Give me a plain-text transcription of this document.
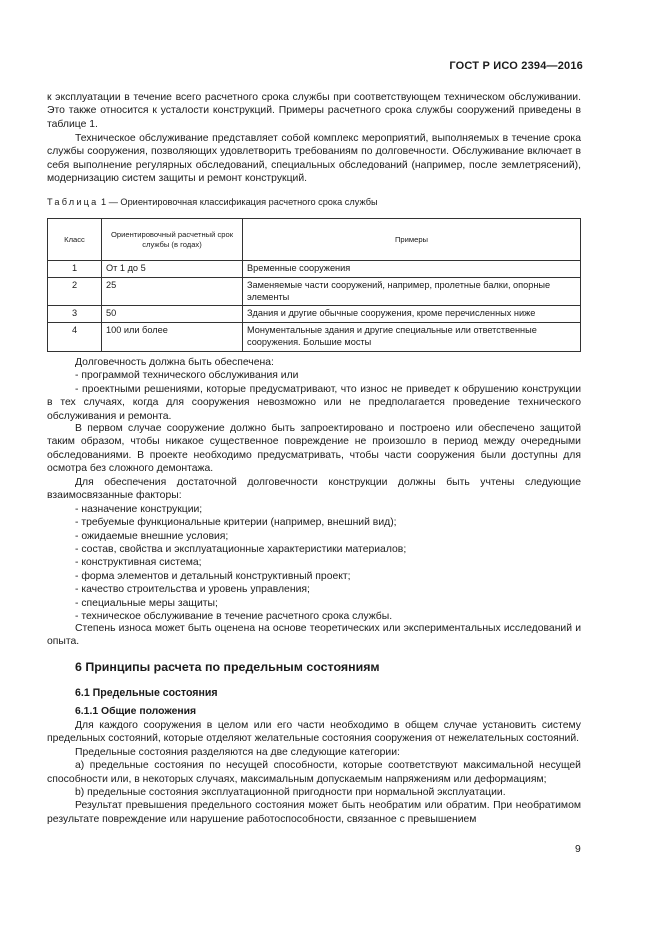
ГОСТ Р ИСО 2394—2016

к эксплуатации в течение всего расчетного срока службы при соответствующем техническом обслуживании. Это также относится к усталости конструкций. Примеры расчетного срока службы сооружений приведены в таблице 1.

Техническое обслуживание представляет собой комплекс мероприятий, выполняемых в течение срока службы сооружения, позволяющих удовлетворить требованиям по долговечности. Обслуживание включает в себя выполнение регулярных обследований, специальных обследований (например, после землетрясений), модернизацию систем защиты и ремонт конструкций.

Таблица 1 — Ориентировочная классификация расчетного срока службы
Класс	Ориентировочный расчетный срок службы (в годах)	Примеры
1	От 1 до 5	Временные сооружения
2	25	Заменяемые части сооружений, например, пролетные балки, опорные элементы
3	50	Здания и другие обычные сооружения, кроме перечисленных ниже
4	100 или более	Монументальные здания и другие специальные или ответственные сооружения. Большие мосты
Долговечность должна быть обеспечена:
- программой технического обслуживания или
- проектными решениями, которые предусматривают, что износ не приведет к обрушению конструкции в тех случаях, когда для сооружения невозможно или не предполагается проведение технического обслуживания и ремонта.

В первом случае сооружение должно быть запроектировано и построено или обеспечено защитой таким образом, чтобы никакое существенное повреждение не произошло в период между очередными обследованиями. В проекте необходимо предусматривать, чтобы части сооружения были доступны для осмотра без сложного демонтажа.

Для обеспечения достаточной долговечности конструкции должны быть учтены следующие взаимосвязанные факторы:
- назначение конструкции;
- требуемые функциональные критерии (например, внешний вид);
- ожидаемые внешние условия;
- состав, свойства и эксплуатационные характеристики материалов;
- конструктивная система;
- форма элементов и детальный конструктивный проект;
- качество строительства и уровень управления;
- специальные меры защиты;
- техническое обслуживание в течение расчетного срока службы.

Степень износа может быть оценена на основе теоретических или экспериментальных исследований и опыта.

6 Принципы расчета по предельным состояниям
6.1 Предельные состояния
6.1.1 Общие положения
Для каждого сооружения в целом или его части необходимо в общем случае установить систему предельных состояний, которые отделяют желательные состояния сооружения от нежелательных состояний.
Предельные состояния разделяются на две следующие категории:
a) предельные состояния по несущей способности, которые соответствуют максимальной несущей способности или, в некоторых случаях, максимальным допускаемым напряжениям или деформациям;
b) предельные состояния эксплуатационной пригодности при нормальной эксплуатации.
Результат превышения предельного состояния может быть необратим или обратим. При необратимом результате повреждение или нарушение работоспособности, связанное с превышением
9
